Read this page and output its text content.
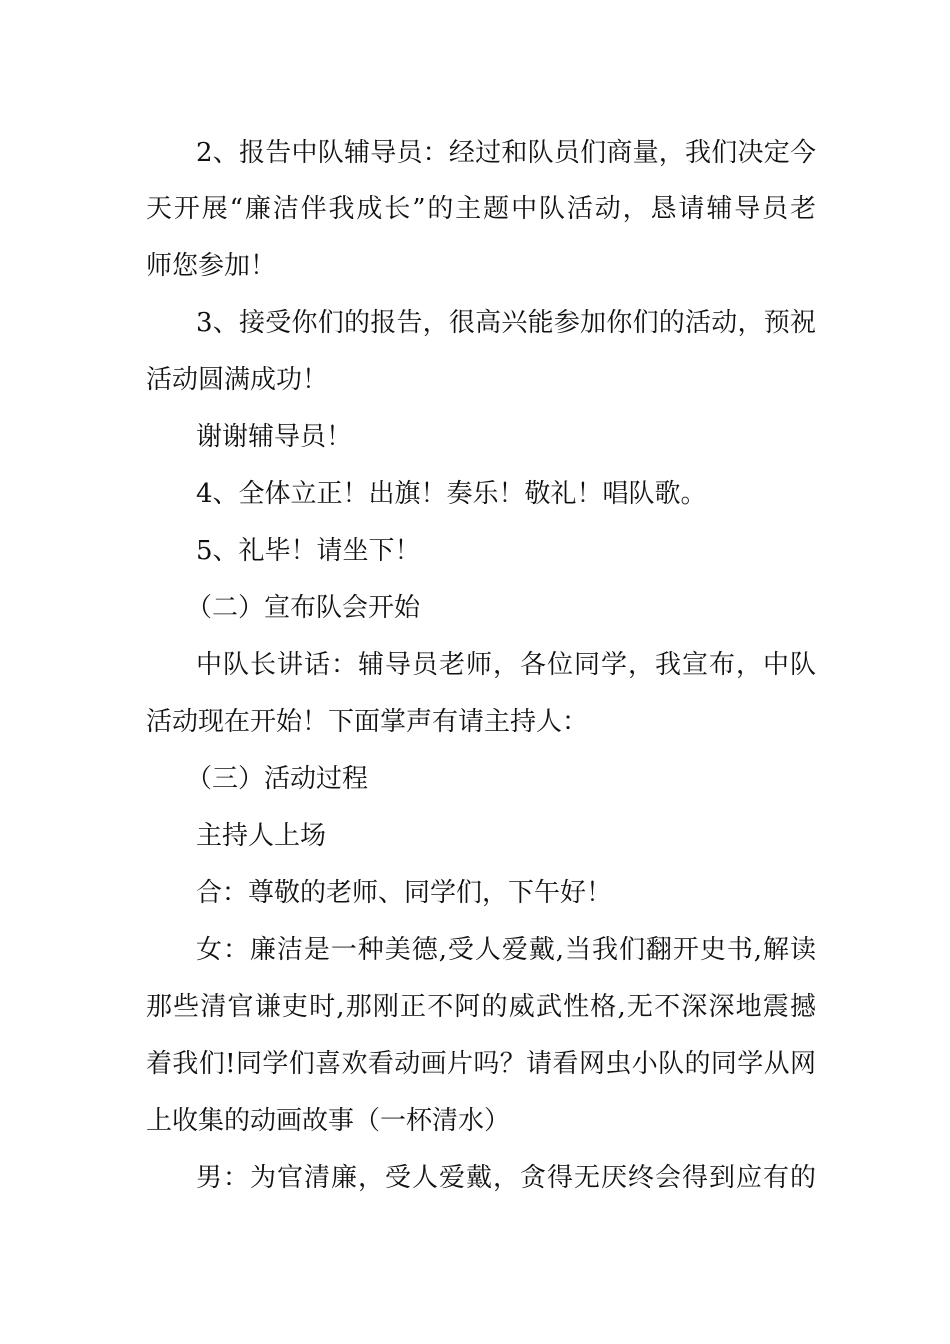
2、报告中队辅导员：经过和队员们商量，我们决定今
天开展“廉洁伴我成长”的主题中队活动，恳请辅导员老
师您参加！
3、接受你们的报告，很高兴能参加你们的活动，预祝
活动圆满成功！
谢谢辅导员！
4、全体立正！出旗！奏乐！敬礼！唱队歌。
5、礼毕！请坐下！
（二）宣布队会开始
中队长讲话：辅导员老师，各位同学，我宣布，中队
活动现在开始！下面掌声有请主持人：
（三）活动过程
主持人上场
合：尊敬的老师、同学们，下午好！
女：廉洁是一种美德,受人爱戴,当我们翻开史书,解读
那些清官谦吏时,那刚正不阿的威武性格,无不深深地震撼
着我们!同学们喜欢看动画片吗？请看网虫小队的同学从网
上收集的动画故事（一杯清水）
男：为官清廉，受人爱戴，贪得无厌终会得到应有的
